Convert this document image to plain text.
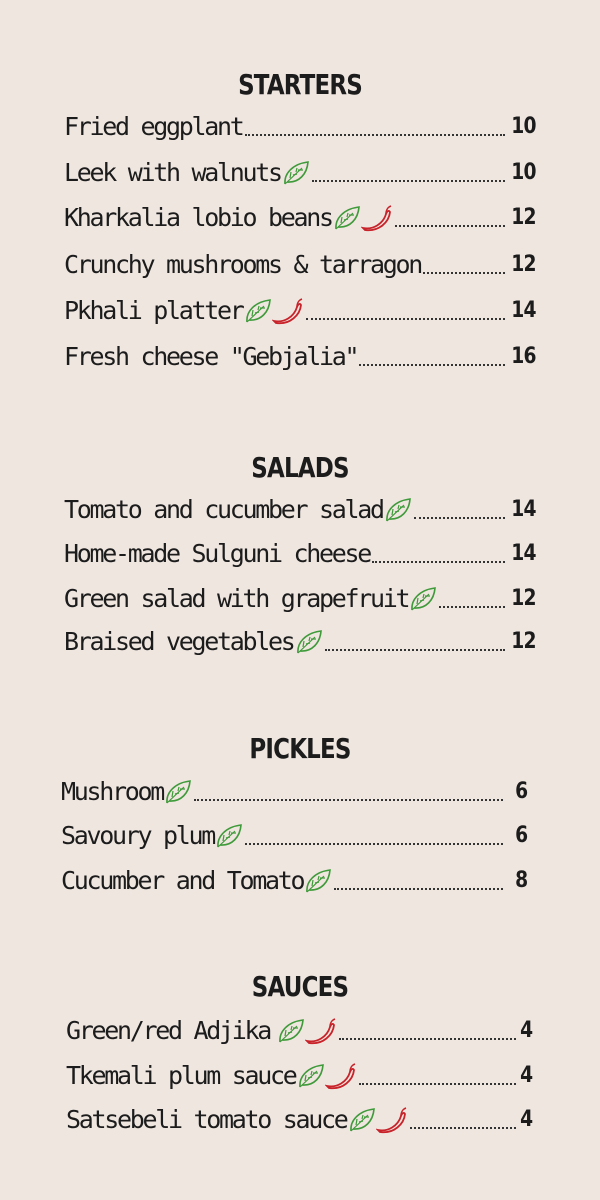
STARTERS
Fried eggplant	10
Leek with walnuts	10
Kharkalia lobio beans	12
Crunchy mushrooms & tarragon	12
Pkhali platter	14
Fresh cheese "Gebjalia"	16
SALADS
Tomato and cucumber salad	14
Home-made Sulguni cheese	14
Green salad with grapefruit	12
Braised vegetables	12
PICKLES
Mushroom	6
Savoury plum	6
Cucumber and Tomato	8
SAUCES
Green/red Adjika	4
Tkemali plum sauce	4
Satsebeli tomato sauce	4
